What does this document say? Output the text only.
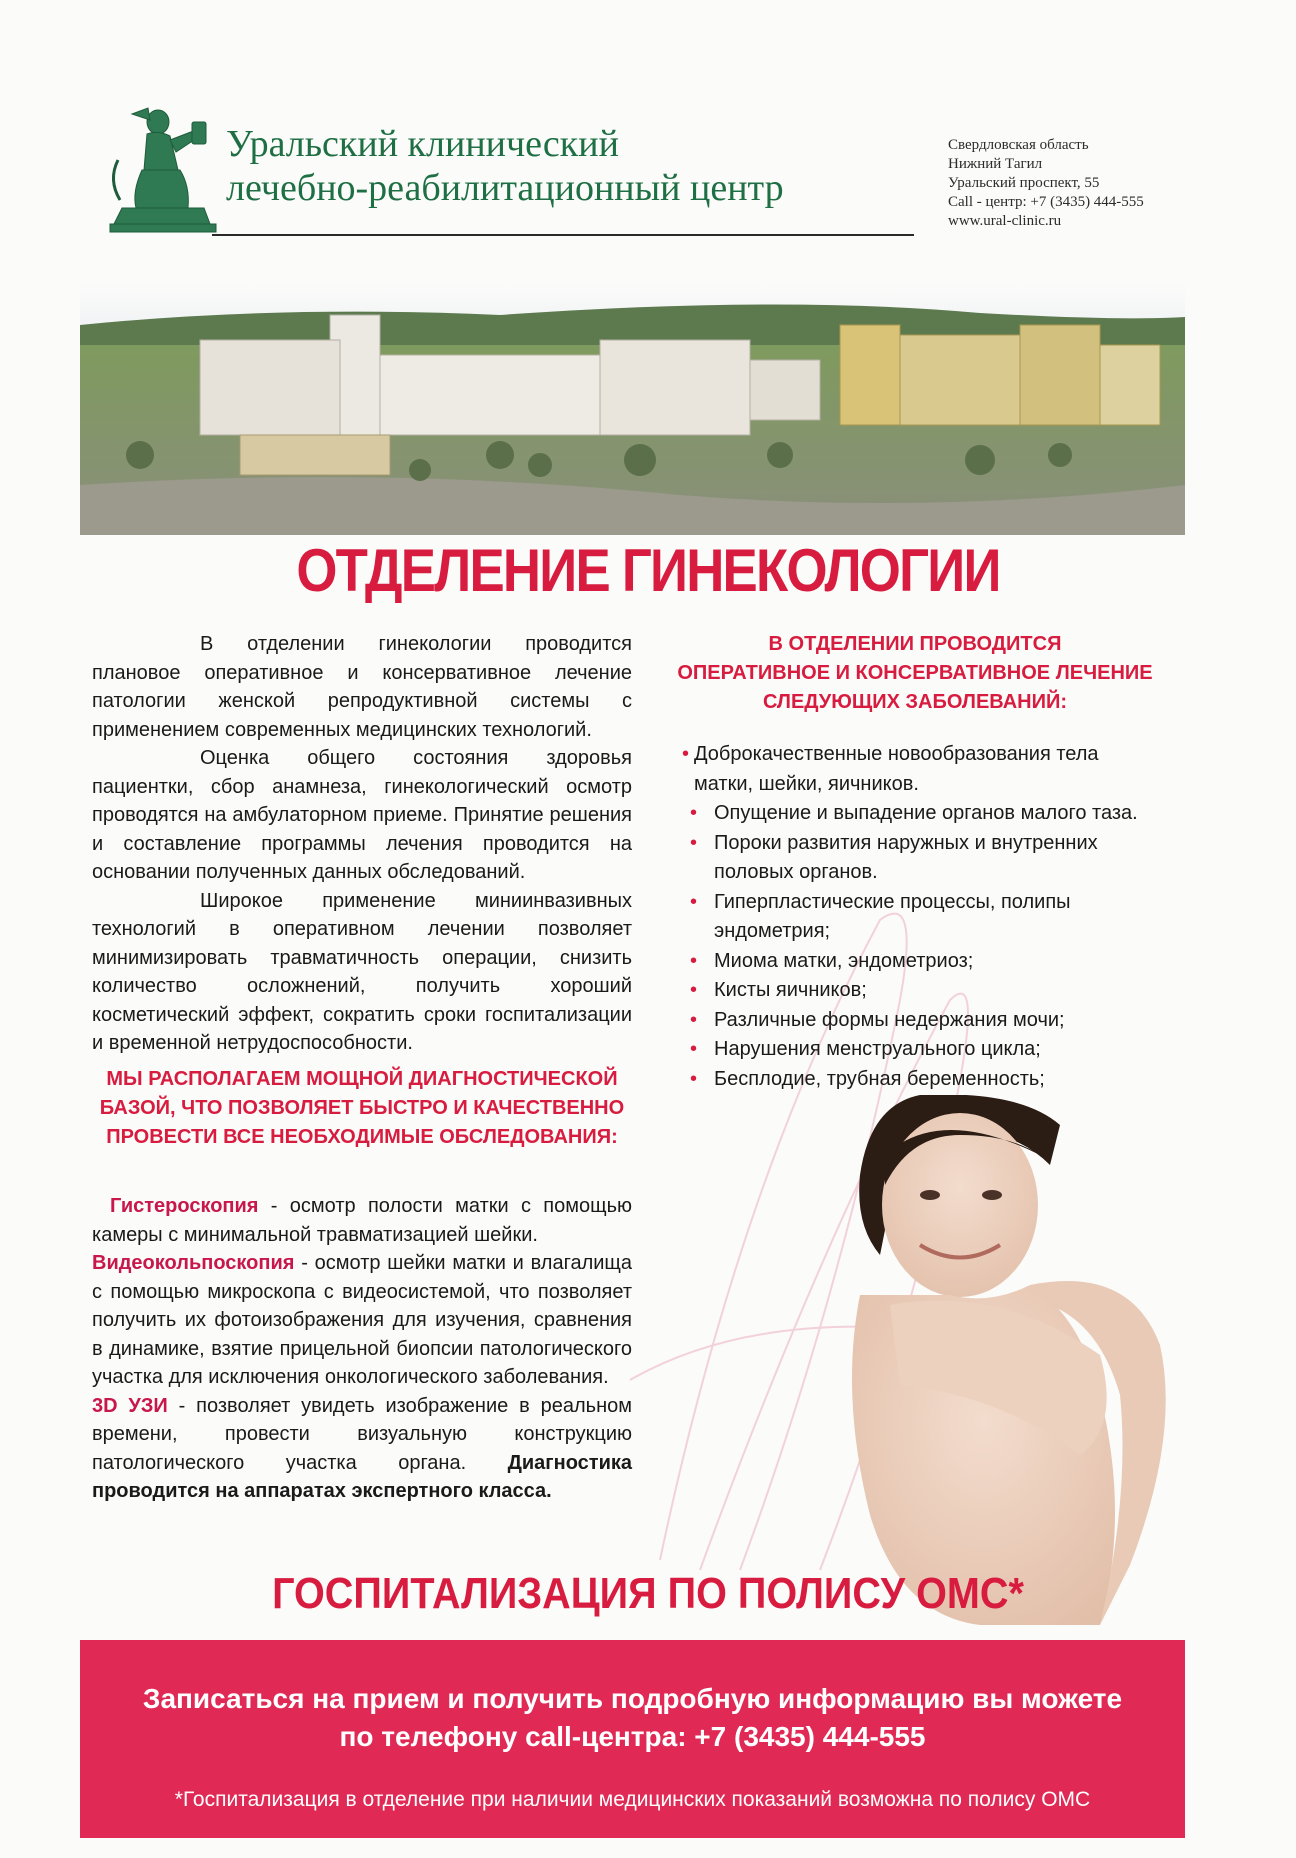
Уральский клинический
лечебно-реабилитационный центр
Свердловская область
Нижний Тагил
Уральский проспект, 55
Call - центр: +7 (3435) 444-555
www.ural-clinic.ru
ОТДЕЛЕНИЕ ГИНЕКОЛОГИИ

В отделении гинекологии проводится плановое оперативное и консервативное лечение патологии женской репродуктивной системы с применением современных медицинских технологий.

Оценка общего состояния здоровья пациентки, сбор анамнеза, гинекологический осмотр проводятся на амбулаторном приеме. Принятие решения и составление программы лечения проводится на основании полученных данных обследований.

Широкое применение миниинвазивных технологий в оперативном лечении позволяет минимизировать травматичность операции, снизить количество осложнений, получить хороший косметический эффект, сократить сроки госпитализации и временной нетрудоспособности.

МЫ РАСПОЛАГАЕМ МОЩНОЙ ДИАГНОСТИЧЕСКОЙ

БАЗОЙ, ЧТО ПОЗВОЛЯЕТ БЫСТРО И КАЧЕСТВЕННО

ПРОВЕСТИ ВСЕ НЕОБХОДИМЫЕ ОБСЛЕДОВАНИЯ:

Гистероскопия - осмотр полости матки с помощью камеры с минимальной травматизацией шейки.

Видеокольпоскопия - осмотр шейки матки и влагалища с помощью микроскопа с видеосистемой, что позволяет получить их фотоизображения для изучения, сравнения в динамике, взятие прицельной биопсии патологического участка для исключения онкологического заболевания.

3D УЗИ - позволяет увидеть изображение в реальном времени, провести визуальную конструкцию патологического участка органа. Диагностика проводится на аппаратах экспертного класса.

В ОТДЕЛЕНИИ ПРОВОДИТСЯ

ОПЕРАТИВНОЕ И КОНСЕРВАТИВНОЕ ЛЕЧЕНИЕ

СЛЕДУЮЩИХ ЗАБОЛЕВАНИЙ:

• Доброкачественные новообразования тела матки, шейки, яичников.
• Опущение и выпадение органов малого таза.
• Пороки развития наружных и внутренних половых органов.
• Гиперпластические процессы, полипы эндометрия;
• Миома матки, эндометриоз;
• Кисты яичников;
• Различные формы недержания мочи;
• Нарушения менструального цикла;
• Бесплодие, трубная беременность;
ГОСПИТАЛИЗАЦИЯ ПО ПОЛИСУ ОМС*
Записаться на прием и получить подробную информацию вы можете
по телефону call-центра: +7 (3435) 444-555

*Госпитализация в отделение при наличии медицинских показаний возможна по полису ОМС
